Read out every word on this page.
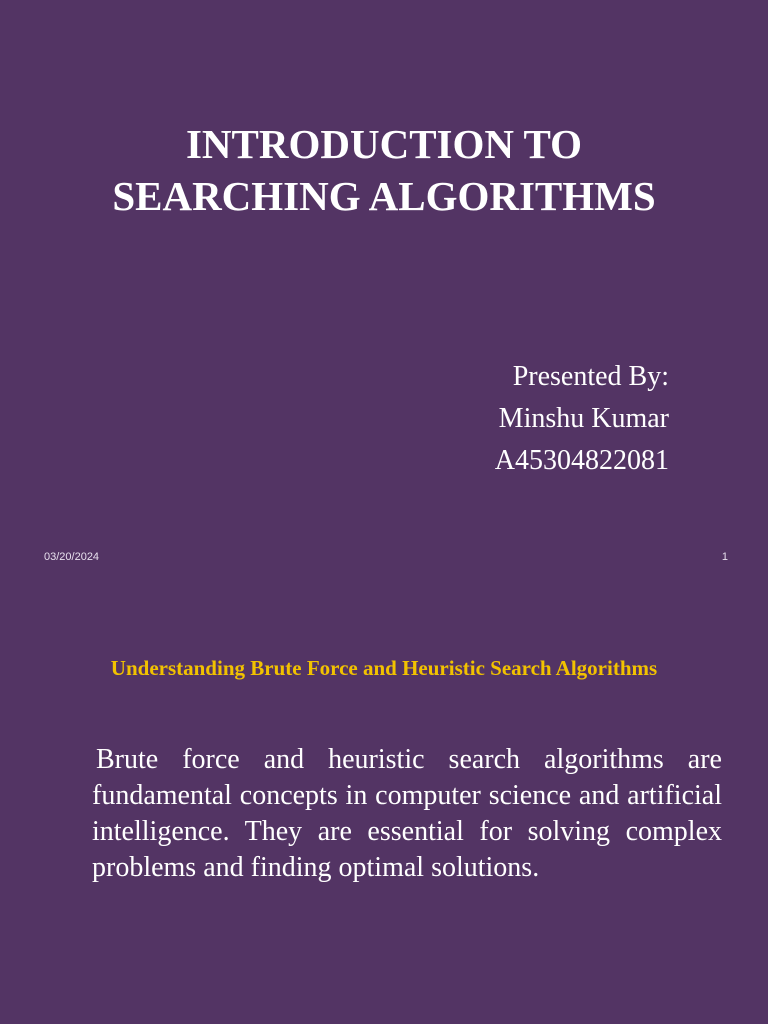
INTRODUCTION TO
SEARCHING ALGORITHMS
Presented By:
Minshu Kumar
A45304822081
03/20/2024	1
Understanding Brute Force and Heuristic Search Algorithms

Brute force and heuristic search algorithms are fundamental concepts in computer science and artificial intelligence. They are essential for solving complex problems and finding optimal solutions.
